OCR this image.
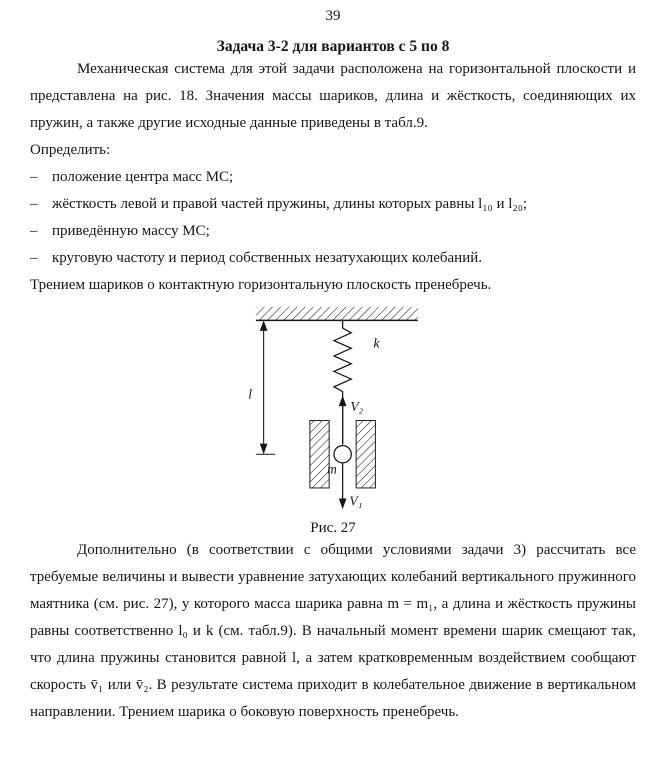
39
Задача 3-2 для вариантов с 5 по 8

Механическая система для этой задачи расположена на горизонтальной плоскости и представлена на рис. 18. Значения массы шариков, длина и жёсткость, соединяющих их пружин, а также другие исходные данные приведены в табл.9.

Определить:

– положение центра масс МС;
– жёсткость левой и правой частей пружины, длины которых равны l₁₀ и l₂₀;
– приведённую массу МС;
– круговую частоту и период собственных незатухающих колебаний.

Трением шариков о контактную горизонтальную плоскость пренебречь.

k
l
V₂
m
V₁
Рис. 27

Дополнительно (в соответствии с общими условиями задачи 3) рассчитать все требуемые величины и вывести уравнение затухающих колебаний вертикального пружинного маятника (см. рис. 27), у которого масса шарика равна m = m₁, а длина и жёсткость пружины равны соответственно l₀ и k (см. табл.9). В начальный момент времени шарик смещают так, что длина пружины становится равной l, а затем кратковременным воздействием сообщают скорость v̄₁ или v̄₂. В результате система приходит в колебательное движение в вертикальном направлении. Трением шарика о боковую поверхность пренебречь.
